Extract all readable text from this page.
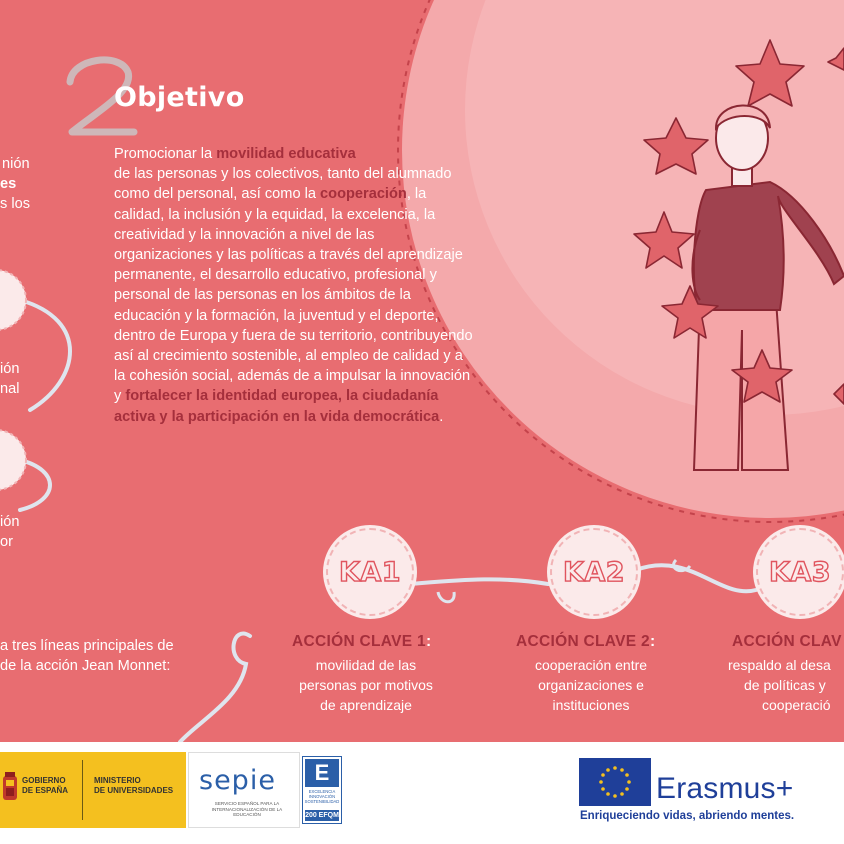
Objetivo
Promocionar la movilidad educativa
de las personas y los colectivos, tanto del alumnado como del personal, así como la cooperación, la calidad, la inclusión y la equidad, la excelencia, la creatividad y la innovación a nivel de las organizaciones y las políticas a través del aprendizaje permanente, el desarrollo educativo, profesional y personal de las personas en los ámbitos de la educación y la formación, la juventud y el deporte, dentro de Europa y fuera de su territorio, contribuyendo así al crecimiento sostenible, al empleo de calidad y a la cohesión social, además de a impulsar la innovación y fortalecer la identidad europea, la ciudadanía activa y la participación en la vida democrática.
nión
es
s los
ión
nal
ión
or
a tres líneas principales de
de la acción Jean Monnet:
KA1	KA2	KA3
ACCIÓN CLAVE 1:	ACCIÓN CLAVE 2:	ACCIÓN CLAV
movilidad de las
personas por motivos
de aprendizaje
cooperación entre
organizaciones e
instituciones
respaldo al desa
de políticas y
cooperació
GOBIERNO
DE ESPAÑA
MINISTERIO
DE UNIVERSIDADES sepie
SERVICIO ESPAÑOL PARA LA INTERNACIONALIZACIÓN DE LA EDUCACIÓN
E
EXCELENCIA INNOVACIÓN SOSTENIBILIDAD
200 EFQM
Erasmus+
Enriqueciendo vidas, abriendo mentes.
